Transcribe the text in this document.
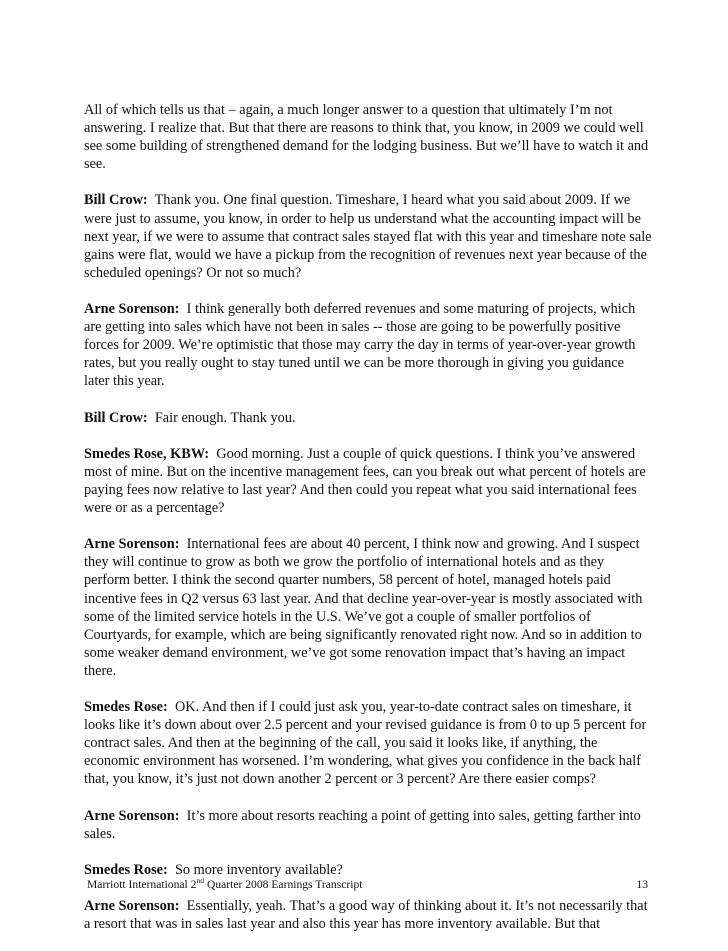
All of which tells us that – again, a much longer answer to a question that ultimately I’m not answering. I realize that. But that there are reasons to think that, you know, in 2009 we could well see some building of strengthened demand for the lodging business. But we’ll have to watch it and see.

Bill Crow: Thank you. One final question. Timeshare, I heard what you said about 2009. If we were just to assume, you know, in order to help us understand what the accounting impact will be next year, if we were to assume that contract sales stayed flat with this year and timeshare note sale gains were flat, would we have a pickup from the recognition of revenues next year because of the scheduled openings? Or not so much?

Arne Sorenson: I think generally both deferred revenues and some maturing of projects, which are getting into sales which have not been in sales -- those are going to be powerfully positive forces for 2009. We’re optimistic that those may carry the day in terms of year-over-year growth rates, but you really ought to stay tuned until we can be more thorough in giving you guidance later this year.

Bill Crow: Fair enough. Thank you.

Smedes Rose, KBW: Good morning. Just a couple of quick questions. I think you’ve answered most of mine. But on the incentive management fees, can you break out what percent of hotels are paying fees now relative to last year? And then could you repeat what you said international fees were or as a percentage?

Arne Sorenson: International fees are about 40 percent, I think now and growing. And I suspect they will continue to grow as both we grow the portfolio of international hotels and as they perform better. I think the second quarter numbers, 58 percent of hotel, managed hotels paid incentive fees in Q2 versus 63 last year. And that decline year-over-year is mostly associated with some of the limited service hotels in the U.S. We’ve got a couple of smaller portfolios of Courtyards, for example, which are being significantly renovated right now. And so in addition to some weaker demand environment, we’ve got some renovation impact that’s having an impact there.

Smedes Rose: OK. And then if I could just ask you, year-to-date contract sales on timeshare, it looks like it’s down about over 2.5 percent and your revised guidance is from 0 to up 5 percent for contract sales. And then at the beginning of the call, you said it looks like, if anything, the economic environment has worsened. I’m wondering, what gives you confidence in the back half that, you know, it’s just not down another 2 percent or 3 percent? Are there easier comps?

Arne Sorenson: It’s more about resorts reaching a point of getting into sales, getting farther into sales.

Smedes Rose: So more inventory available?

Arne Sorenson: Essentially, yeah. That’s a good way of thinking about it. It’s not necessarily that a resort that was in sales last year and also this year has more inventory available. But that

Marriott International 2nd Quarter 2008 Earnings Transcript	13
